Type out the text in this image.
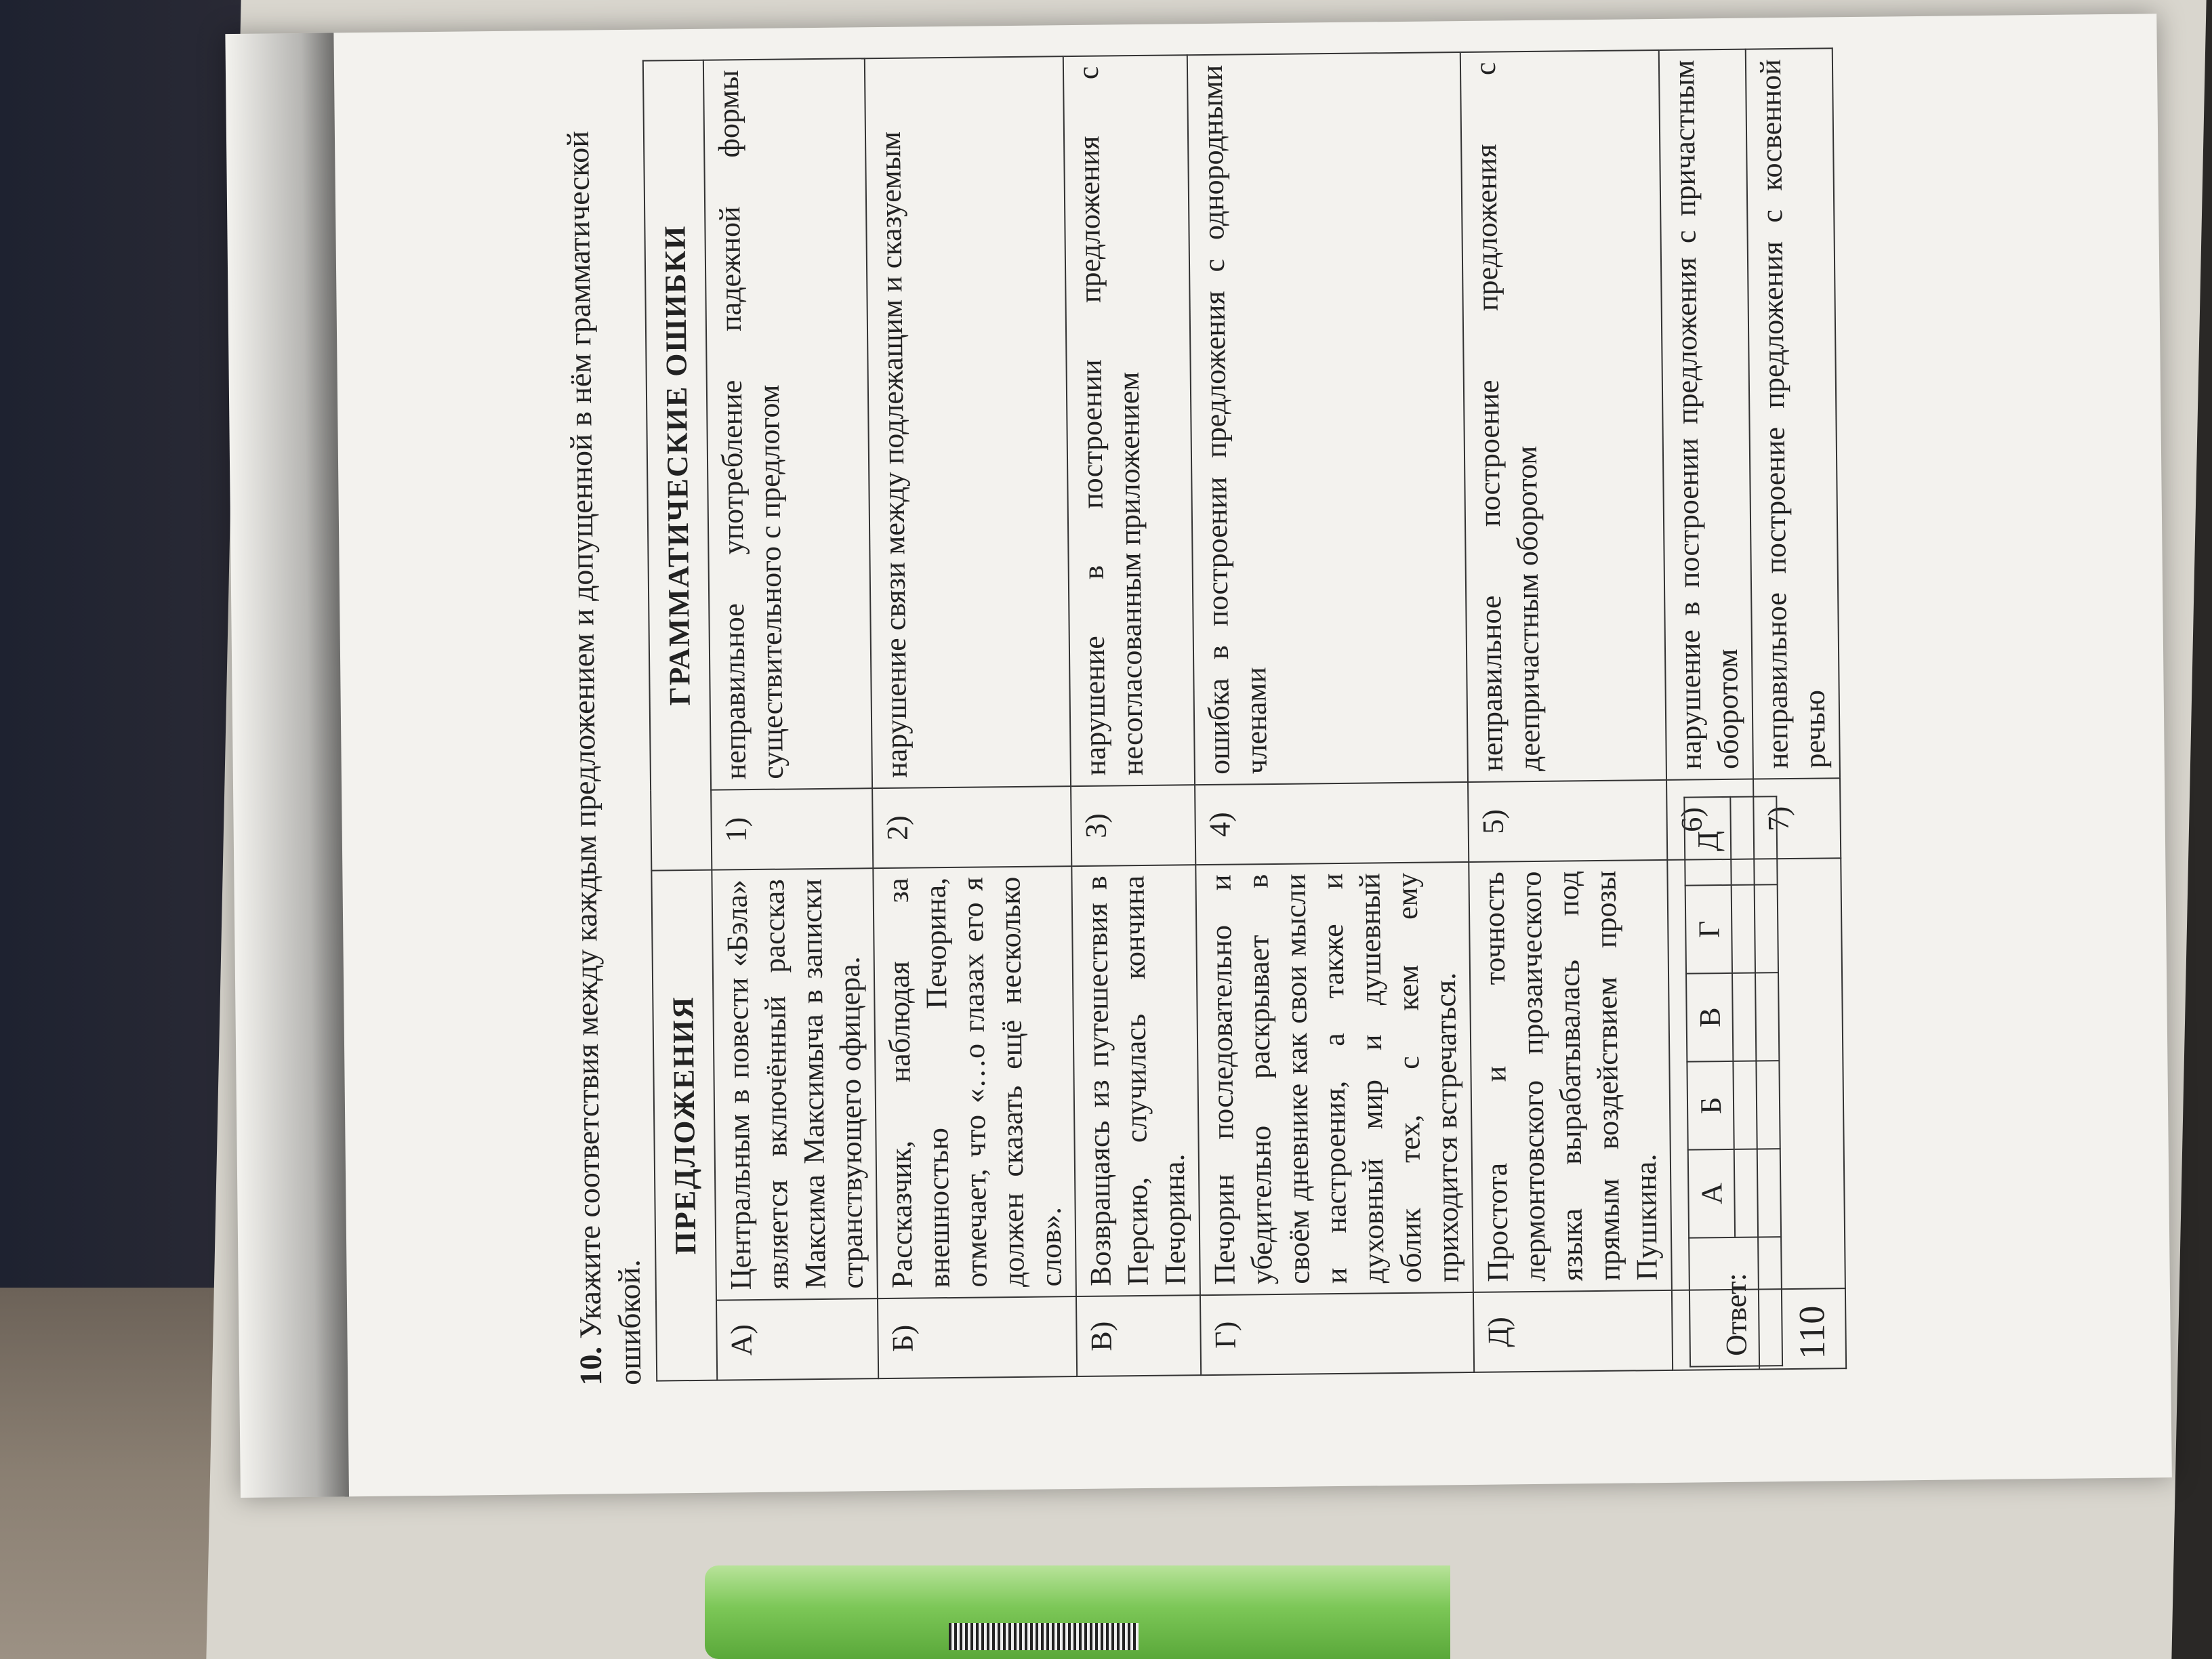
10. Укажите соответствия между каждым предложением и допущенной в нём грамматической ошибкой.
ПРЕДЛОЖЕНИЯ		ГРАММАТИЧЕСКИЕ ОШИБКИ	
А)	Центральным в повести «Бэла» является включённый рассказ Максима Максимыча в записки странствующего офицера.	1)	неправильное употребление падежной формы существительного с предлогом
Б)	Рассказчик, наблюдая за внешностью Печорина, отмечает, что «…о глазах его я должен сказать ещё несколько слов».	2)	нарушение связи между подлежащим и сказуемым
В)	Возвращаясь из путешествия в Персию, случилась кончина Печорина.	3)	нарушение в построении предложения с несогласованным приложением
Г)	Печорин последовательно и убедительно раскрывает в своём дневнике как свои мысли и настроения, а также и духовный мир и душевный облик тех, с кем ему приходится встречаться.	4)	ошибка в построении предложения с однородными членами
Д)	Простота и точность лермонтовского прозаического языка вырабатывалась под прямым воздействием прозы Пушкина.	5)	неправильное построение предложения с деепричастным оборотом
		6)	нарушение в построении предложения с причастным оборотом
		7)	неправильное построение предложения с косвенной речью
Ответ:	А	Б	В	Г	Д

110
